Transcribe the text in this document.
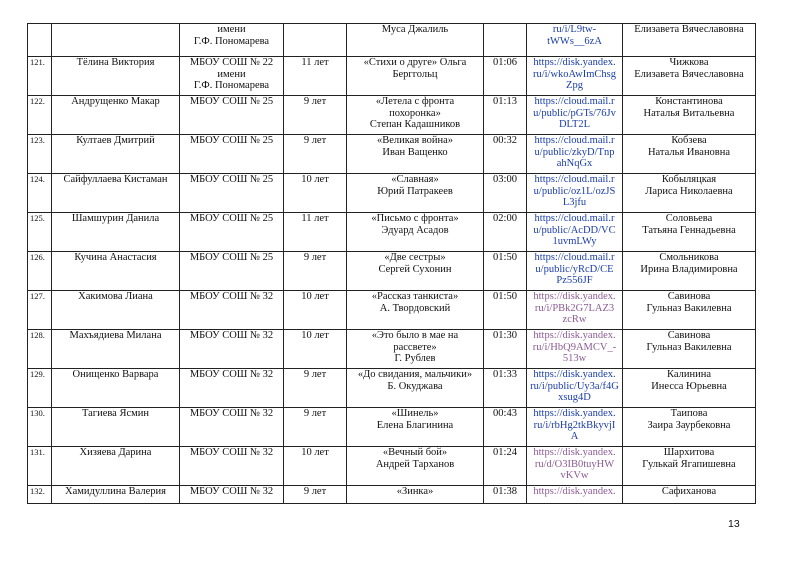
		имени
Г.Ф. Пономарева		Муса Джалиль		ru/i/L9tw-
tWWs__6zA	Елизавета Вячеславовна

121.	Тёлина Виктория	МБОУ СОШ № 22
имени
Г.Ф. Пономарева	11 лет	«Стихи о друге» Ольга
Берггольц	01:06	https://disk.yandex.
ru/i/wkoAwImChsg
Zpg	Чижкова
Елизавета Вячеславовна

122.	Андрущенко Макар	МБОУ СОШ № 25	9 лет	«Летела с фронта
похоронка»
Степан Кадашников	01:13	https://cloud.mail.r
u/public/pGTs/76Jv
DLT2L	Константинова
Наталья Витальевна

123.	Култаев Дмитрий	МБОУ СОШ № 25	9 лет	«Великая война»
Иван Ващенко	00:32	https://cloud.mail.r
u/public/zkyD/Tnp
ahNqGx	Кобзева
Наталья Ивановна

124.	Сайфуллаева Кистаман	МБОУ СОШ № 25	10 лет	«Славная»
Юрий Патракеев	03:00	https://cloud.mail.r
u/public/oz1L/ozJS
L3jfu	Кобыляцкая
Лариса Николаевна

125.	Шамшурин Данила	МБОУ СОШ № 25	11 лет	«Письмо с фронта»
Эдуард Асадов	02:00	https://cloud.mail.r
u/public/AcDD/VC
1uvmLWy	Соловьева
Татьяна Геннадьевна

126.	Кучина Анастасия	МБОУ СОШ № 25	9 лет	«Две сестры»
Сергей Сухонин	01:50	https://cloud.mail.r
u/public/yRcD/CE
Pz556JF	Смольникова
Ирина Владимировна

127.	Хакимова Лиана	МБОУ СОШ № 32	10 лет	«Рассказ танкиста»
А. Твордовский	01:50	https://disk.yandex.
ru/i/PBk2G7LAZ3
zcRw	Савинова
Гульназ Вакилевна

128.	Махъядиева Милана	МБОУ СОШ № 32	10 лет	«Это было в мае на
рассвете»
Г. Рублев	01:30	https://disk.yandex.
ru/i/HbQ9AMCV_-
513w	Савинова
Гульназ Вакилевна

129.	Онищенко Варвара	МБОУ СОШ № 32	9 лет	«До свидания, мальчики»
Б. Окуджава	01:33	https://disk.yandex.
ru/i/public/Uy3a/f4G
xsug4D	Калинина
Инесса Юрьевна

130.	Тагиева Ясмин	МБОУ СОШ № 32	9 лет	«Шинель»
Елена Благинина	00:43	https://disk.yandex.
ru/i/rbHg2tkBkyvjI
A	Таипова
Заира Заурбековна

131.	Хизяева Дарина	МБОУ СОШ № 32	10 лет	«Вечный бой»
Андрей Тарханов	01:24	https://disk.yandex.
ru/d/O3IB0tuyHW
vKVw	Шархитова
Гулькай Ягапишевна

132.	Хамидуллина Валерия	МБОУ СОШ № 32	9 лет	«Зинка»	01:38	https://disk.yandex.	Сафиханова
13
